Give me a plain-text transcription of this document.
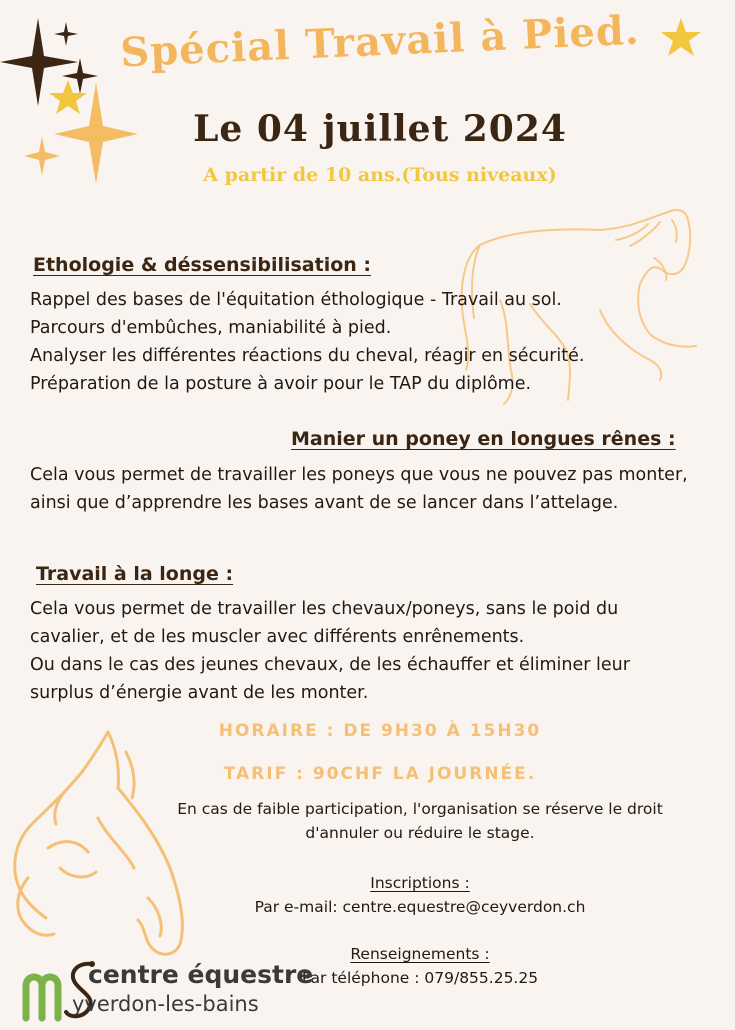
Spécial Travail à Pied.
Le 04 juillet 2024
A partir de 10 ans.(Tous niveaux)
Ethologie & déssensibilisation :
Rappel des bases de l'équitation éthologique - Travail au sol.
Parcours d'embûches, maniabilité à pied.
Analyser les différentes réactions du cheval, réagir en sécurité.
Préparation de la posture à avoir pour le TAP du diplôme.
Manier un poney en longues rênes :
Cela vous permet de travailler les poneys que vous ne pouvez pas monter,
ainsi que d’apprendre les bases avant de se lancer dans l’attelage.
Travail à la longe :
Cela vous permet de travailler les chevaux/poneys, sans le poid du
cavalier, et de les muscler avec différents enrênements.
Ou dans le cas des jeunes chevaux, de les échauffer et éliminer leur
surplus d’énergie avant de les monter.
HORAIRE : DE 9H30 À 15H30
TARIF : 90CHF LA JOURNÉE.
En cas de faible participation, l'organisation se réserve le droit
d'annuler ou réduire le stage.
Inscriptions :
Par e-mail: centre.equestre@ceyverdon.ch
Renseignements :
Par téléphone : 079/855.25.25
centre équestre
yverdon-les-bains
